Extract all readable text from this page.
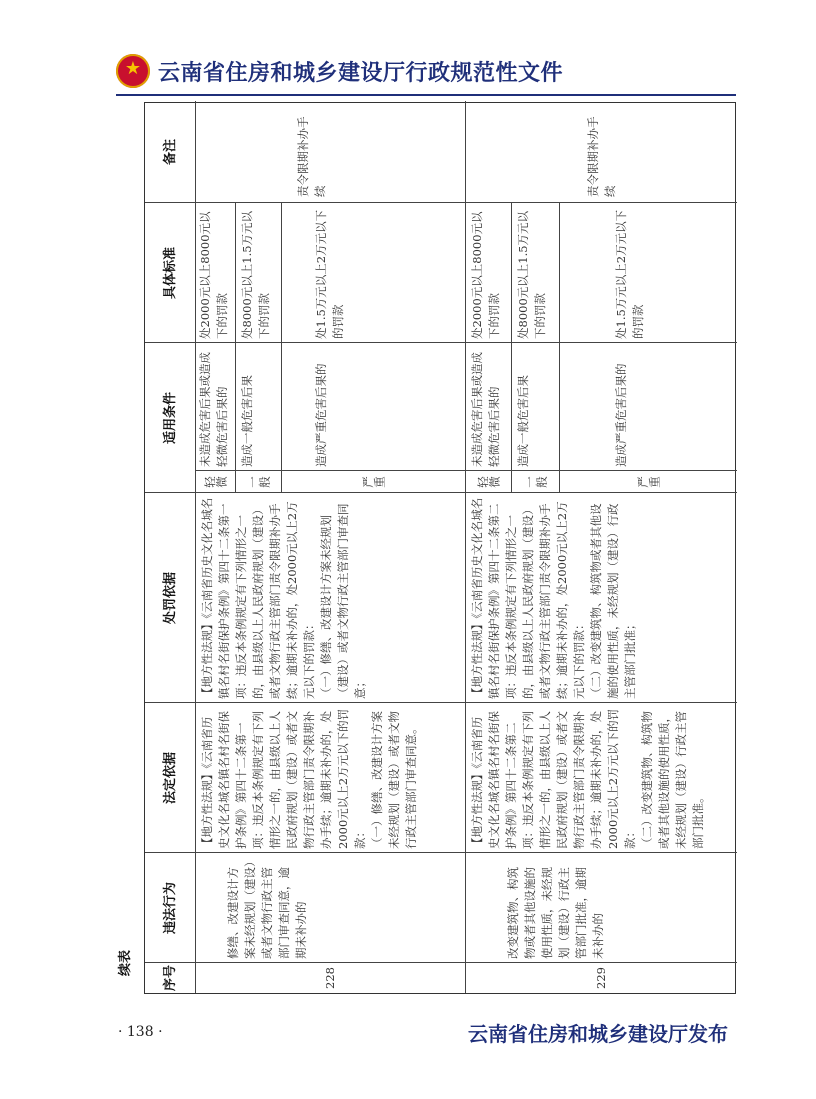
★
云南省住房和城乡建设厅行政规范性文件
续表
序号
违法行为
法定依据
处罚依据
适用条件
具体标准
备注
228
修缮、改建设计方案未经规划（建设）或者文物行政主管部门审查同意，逾期未补办的
【地方性法规】《云南省历史文化名城名镇名村名街保护条例》第四十二条第一项：违反本条例规定有下列情形之一的，由县级以上人民政府规划（建设）或者文物行政主管部门责令限期补办手续；逾期未补办的，处2000元以上2万元以下的罚款：
（一）修缮、改建设计方案未经规划（建设）或者文物行政主管部门审查同意。
【地方性法规】《云南省历史文化名城名镇名村名街保护条例》第四十二条第一项：违反本条例规定有下列情形之一的，由县级以上人民政府规划（建设）或者文物行政主管部门责令限期补办手续；逾期未补办的，处2000元以上2万元以下的罚款：
（一）修缮、改建设计方案未经规划（建设）或者文物行政主管部门审查同意；
轻微
未造成危害后果或造成轻微危害后果的
处2000元以上8000元以下的罚款
一般
造成一般危害后果
处8000元以上1.5万元以下的罚款
严重
造成严重危害后果的
处1.5万元以上2万元以下的罚款
责令限期补办手续
229
改变建筑物、构筑物或者其他设施的使用性质，未经规划（建设）行政主管部门批准，逾期未补办的
【地方性法规】《云南省历史文化名城名镇名村名街保护条例》第四十二条第二项：违反本条例规定有下列情形之一的，由县级以上人民政府规划（建设）或者文物行政主管部门责令限期补办手续；逾期未补办的，处2000元以上2万元以下的罚款：
（二）改变建筑物、构筑物或者其他设施的使用性质，未经规划（建设）行政主管部门批准。
【地方性法规】《云南省历史文化名城名镇名村名街保护条例》第四十二条第二项：违反本条例规定有下列情形之一的，由县级以上人民政府规划（建设）或者文物行政主管部门责令限期补办手续；逾期未补办的，处2000元以上2万元以下的罚款：
（二）改变建筑物、构筑物或者其他设施的使用性质，未经规划（建设）行政主管部门批准；
轻微
未造成危害后果或造成轻微危害后果的
处2000元以上8000元以下的罚款
一般
造成一般危害后果
处8000元以上1.5万元以下的罚款
严重
造成严重危害后果的
处1.5万元以上2万元以下的罚款
责令限期补办手续
· 138 ·	云南省住房和城乡建设厅发布
